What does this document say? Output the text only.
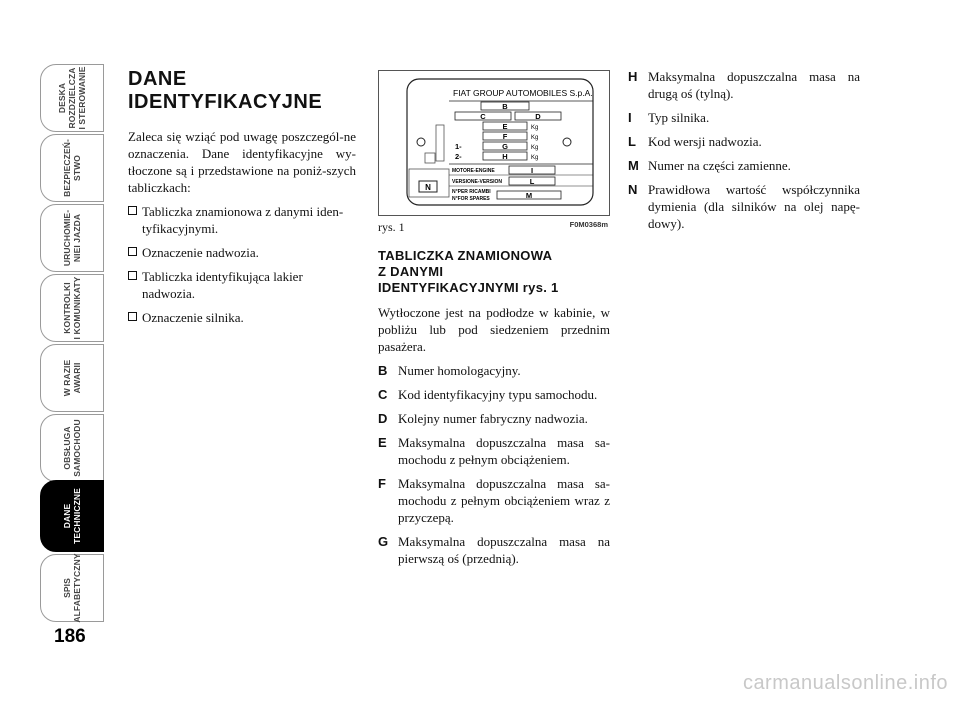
DESKA
ROZDZIELCZA
I STEROWANIE
BEZPIECZEŃ-
STWO
URUCHOMIE-
NIEI JAZDA
KONTROLKI
I KOMUNIKATY
W RAZIE
AWARII
OBSŁUGA
SAMOCHODU
DANE
TECHNICZNE
SPIS
ALFABETYCZNY
186
DANE
IDENTYFIKACYJNE

Zaleca się wziąć pod uwagę poszczegól-ne oznaczenia. Dane identyfikacyjne wy-tłoczone są i przedstawione na poniż-szych tabliczkach:

Tabliczka znamionowa z danymi iden-tyfikacyjnymi.
Oznaczenie nadwozia.
Tabliczka identyfikująca lakier nadwozia.
Oznaczenie silnika.
N
FIAT GROUP AUTOMOBILES S.p.A.
B
C	D
E	Kg
F	Kg
1-	G	Kg
2-	H	Kg
MOTORE-ENGINE	I
VERSIONE-VERSION	L
N°PER RICAMBI
N°FOR SPARES	M
rys. 1	F0M0368m
TABLICZKA ZNAMIONOWA
Z DANYMI
IDENTYFIKACYJNYMI rys. 1

Wytłoczone jest na podłodze w kabinie, w pobliżu lub pod siedzeniem przednim pasażera.

B Numer homologacyjny.
C Kod identyfikacyjny typu samochodu.
D Kolejny numer fabryczny nadwozia.
E Maksymalna dopuszczalna masa sa-mochodu z pełnym obciążeniem.
F Maksymalna dopuszczalna masa sa-mochodu z pełnym obciążeniem wraz z przyczepą.
G Maksymalna dopuszczalna masa na pierwszą oś (przednią).
H Maksymalna dopuszczalna masa na drugą oś (tylną).
I Typ silnika.
L Kod wersji nadwozia.
M Numer na części zamienne.
N Prawidłowa wartość współczynnika dymienia (dla silników na olej napę-dowy).
carmanualsonline.info
